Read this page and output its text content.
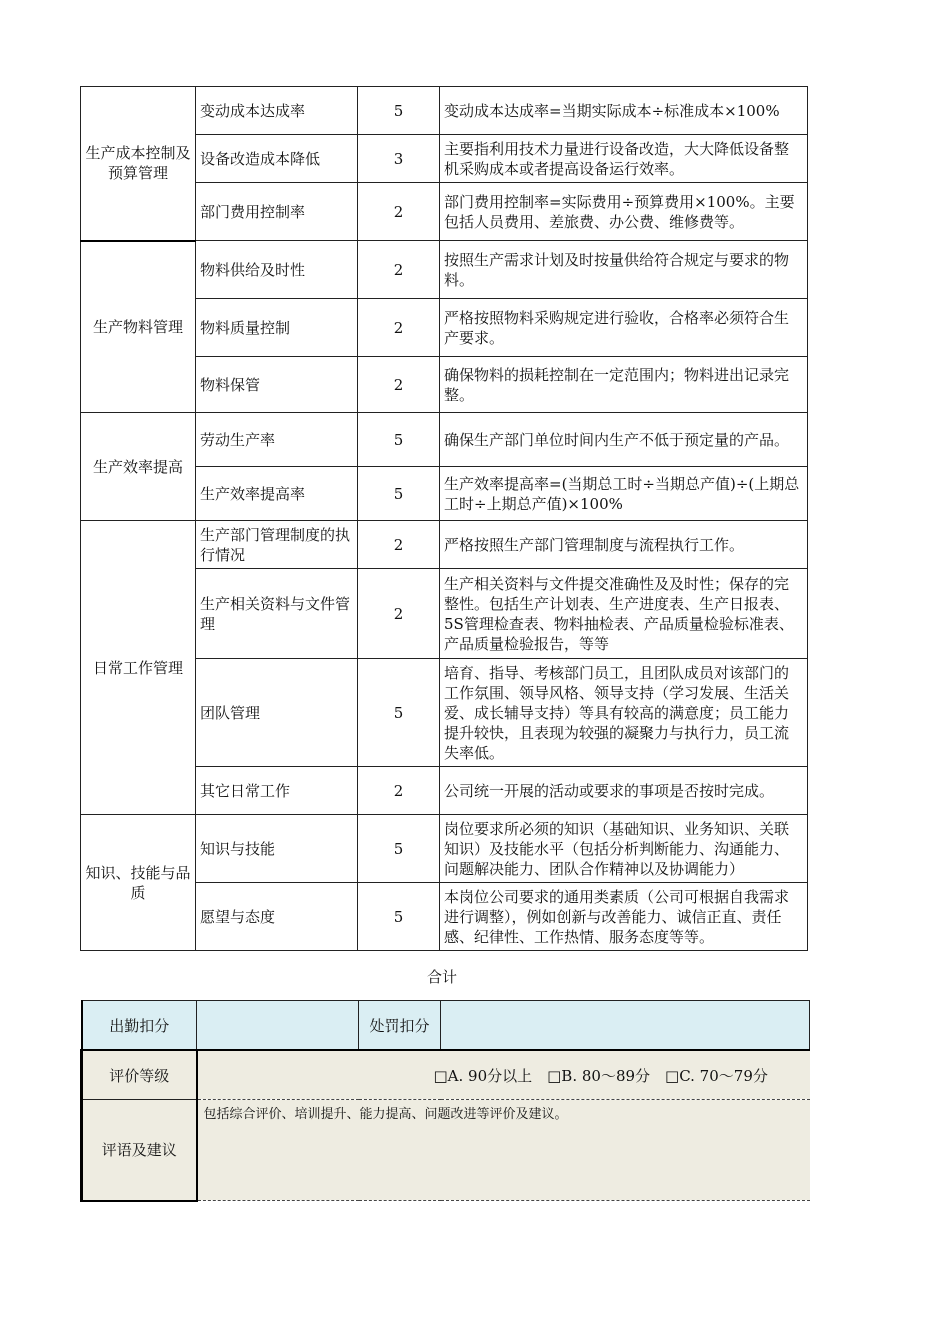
生产成本控制及预算管理	变动成本达成率	5	变动成本达成率=当期实际成本÷标准成本×100%
	设备改造成本降低	3	主要指利用技术力量进行设备改造，大大降低设备整机采购成本或者提高设备运行效率。
	部门费用控制率	2	部门费用控制率=实际费用÷预算费用×100%。主要包括人员费用、差旅费、办公费、维修费等。
生产物料管理	物料供给及时性	2	按照生产需求计划及时按量供给符合规定与要求的物料。
	物料质量控制	2	严格按照物料采购规定进行验收，合格率必须符合生产要求。
	物料保管	2	确保物料的损耗控制在一定范围内；物料进出记录完整。
生产效率提高	劳动生产率	5	确保生产部门单位时间内生产不低于预定量的产品。
	生产效率提高率	5	生产效率提高率=(当期总工时÷当期总产值)÷(上期总工时÷上期总产值)×100%
日常工作管理	生产部门管理制度的执行情况	2	严格按照生产部门管理制度与流程执行工作。
	生产相关资料与文件管理	2	生产相关资料与文件提交准确性及及时性；保存的完整性。包括生产计划表、生产进度表、生产日报表、5S管理检查表、物料抽检表、产品质量检验标准表、产品质量检验报告，等等
	团队管理	5	培育、指导、考核部门员工，且团队成员对该部门的工作氛围、领导风格、领导支持（学习发展、生活关爱、成长辅导支持）等具有较高的满意度；员工能力提升较快，且表现为较强的凝聚力与执行力，员工流失率低。
	其它日常工作	2	公司统一开展的活动或要求的事项是否按时完成。
知识、技能与品质	知识与技能	5	岗位要求所必须的知识（基础知识、业务知识、关联知识）及技能水平（包括分析判断能力、沟通能力、问题解决能力、团队合作精神以及协调能力）
	愿望与态度	5	本岗位公司要求的通用类素质（公司可根据自我需求进行调整），例如创新与改善能力、诚信正直、责任感、纪律性、工作热情、服务态度等等。
合计
出勤扣分		处罚扣分	
评价等级	□A. 90分以上　□B. 80～89分　□C. 70～79分		
评语及建议	包括综合评价、培训提升、能力提高、问题改进等评价及建议。		
